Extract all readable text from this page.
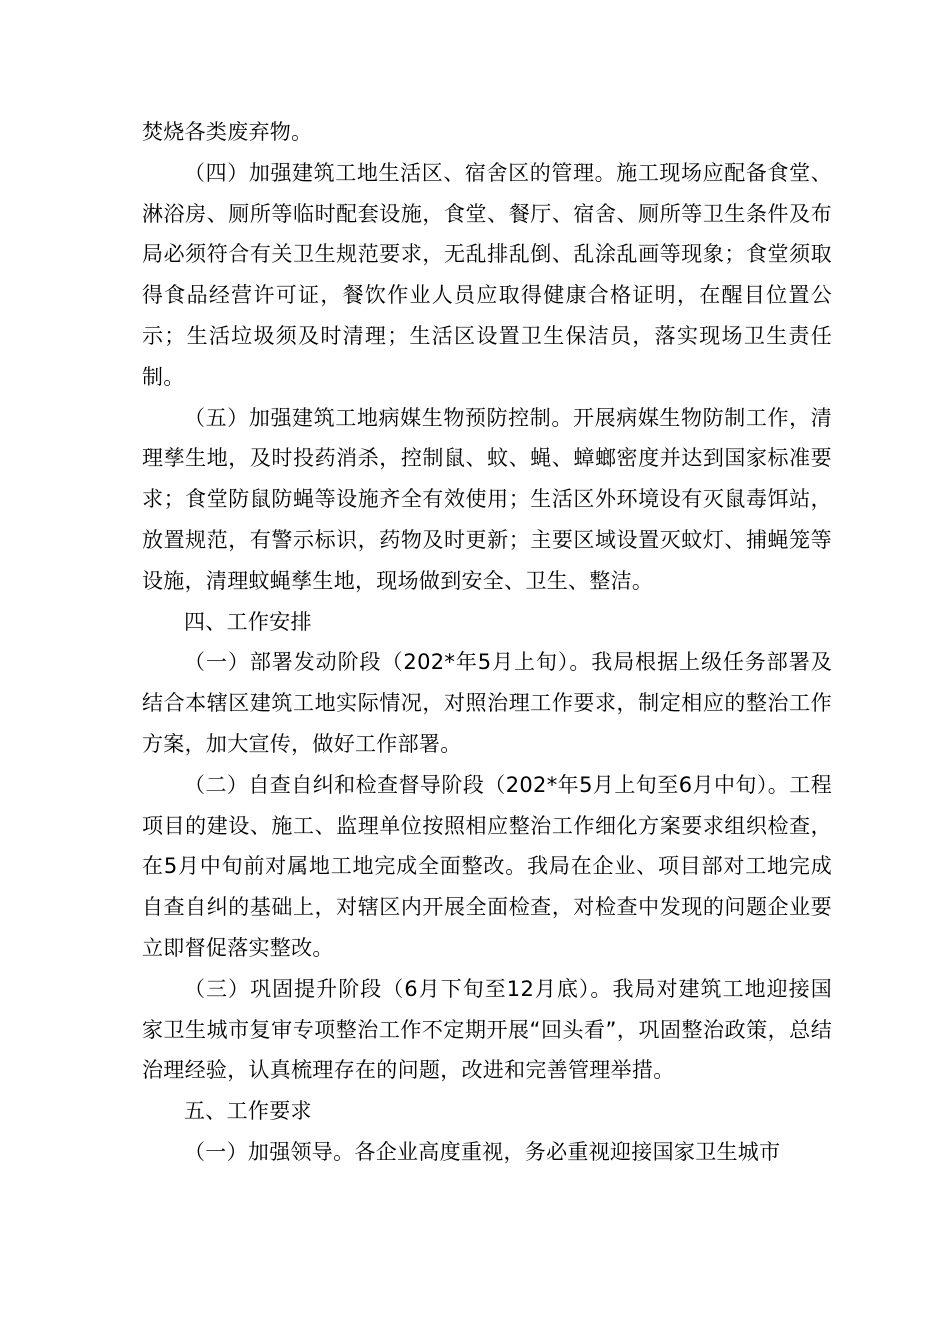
焚烧各类废弃物。

（四）加强建筑工地生活区、宿舍区的管理。施工现场应配备食堂、淋浴房、厕所等临时配套设施，食堂、餐厅、宿舍、厕所等卫生条件及布局必须符合有关卫生规范要求，无乱排乱倒、乱涂乱画等现象；食堂须取得食品经营许可证，餐饮作业人员应取得健康合格证明，在醒目位置公示；生活垃圾须及时清理；生活区设置卫生保洁员，落实现场卫生责任制。

（五）加强建筑工地病媒生物预防控制。开展病媒生物防制工作，清理孳生地，及时投药消杀，控制鼠、蚊、蝇、蟑螂密度并达到国家标准要求；食堂防鼠防蝇等设施齐全有效使用；生活区外环境设有灭鼠毒饵站，放置规范，有警示标识，药物及时更新；主要区域设置灭蚊灯、捕蝇笼等设施，清理蚊蝇孳生地，现场做到安全、卫生、整洁。

四、工作安排

（一）部署发动阶段（202*年5月上旬）。我局根据上级任务部署及结合本辖区建筑工地实际情况，对照治理工作要求，制定相应的整治工作方案，加大宣传，做好工作部署。

（二）自查自纠和检查督导阶段（202*年5月上旬至6月中旬）。工程项目的建设、施工、监理单位按照相应整治工作细化方案要求组织检查，在5月中旬前对属地工地完成全面整改。我局在企业、项目部对工地完成自查自纠的基础上，对辖区内开展全面检查，对检查中发现的问题企业要立即督促落实整改。

（三）巩固提升阶段（6月下旬至12月底）。我局对建筑工地迎接国家卫生城市复审专项整治工作不定期开展“回头看”，巩固整治政策，总结治理经验，认真梳理存在的问题，改进和完善管理举措。

五、工作要求

（一）加强领导。各企业高度重视，务必重视迎接国家卫生城市
